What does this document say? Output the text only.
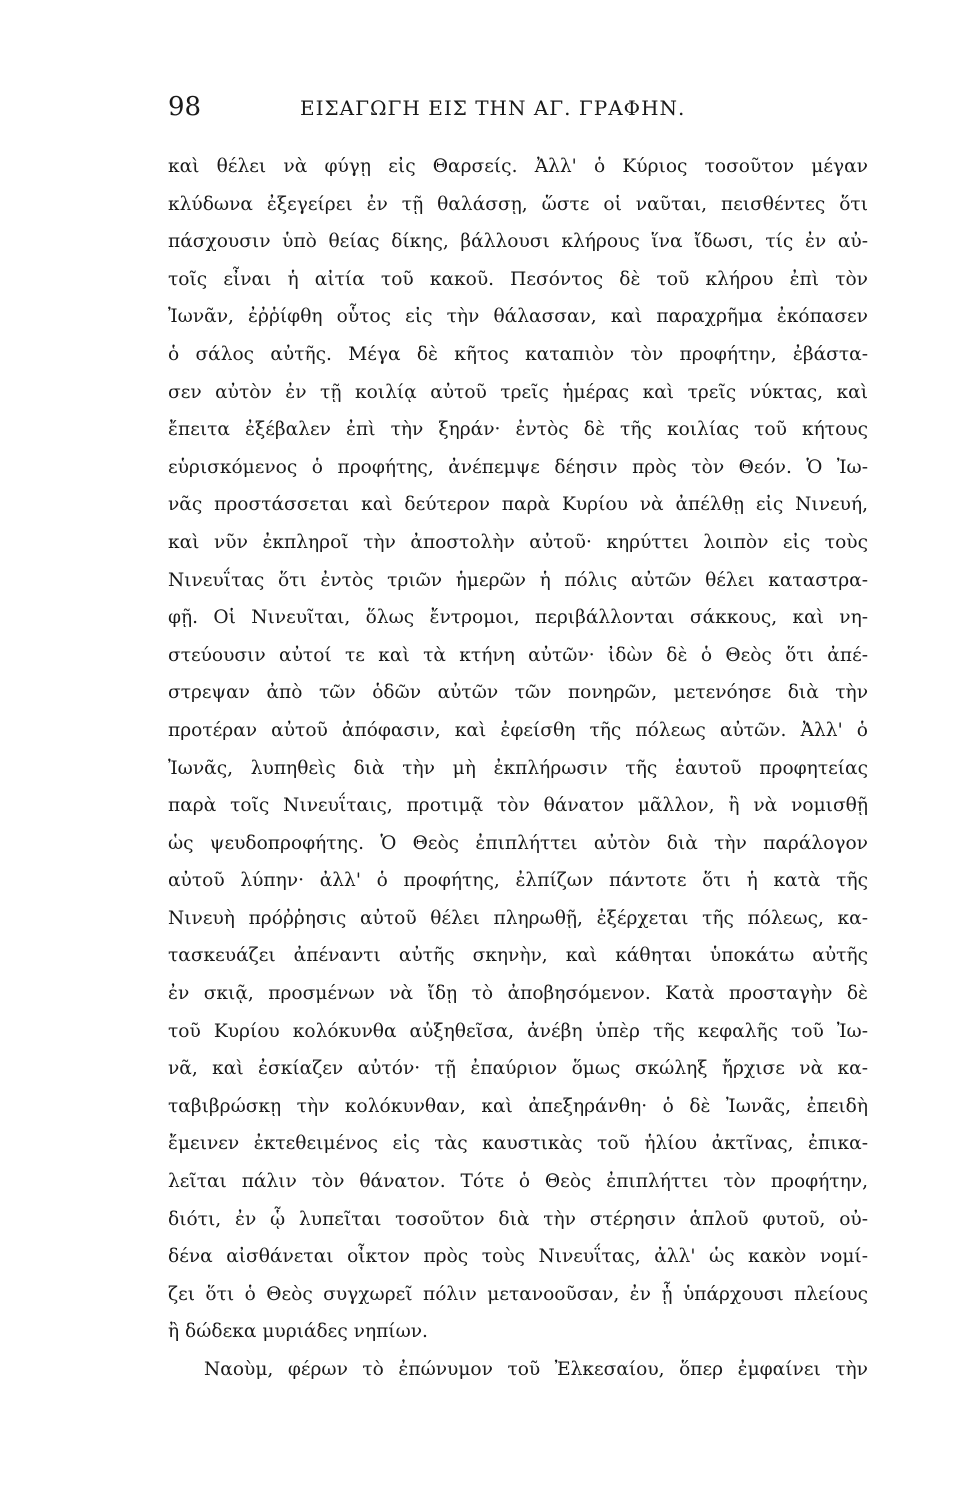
98	ΕΙΣΑΓΩΓΗ ΕΙΣ ΤΗΝ ΑΓ. ΓΡΑΦΗΝ.
καὶ θέλει νὰ φύγῃ εἰς Θαρσείς. Ἀλλ' ὁ Κύριος τοσοῦτον μέγαν
κλύδωνα ἐξεγείρει ἐν τῇ θαλάσσῃ, ὥστε οἱ ναῦται, πεισθέντες ὅτι
πάσχουσιν ὑπὸ θείας δίκης, βάλλουσι κλήρους ἵνα ἴδωσι, τίς ἐν αὐ-
τοῖς εἶναι ἡ αἰτία τοῦ κακοῦ. Πεσόντος δὲ τοῦ κλήρου ἐπὶ τὸν
Ἰωνᾶν, ἐῤῥίφθη οὗτος εἰς τὴν θάλασσαν, καὶ παραχρῆμα ἐκόπασεν
ὁ σάλος αὐτῆς. Μέγα δὲ κῆτος καταπιὸν τὸν προφήτην, ἐβάστα-
σεν αὐτὸν ἐν τῇ κοιλίᾳ αὐτοῦ τρεῖς ἡμέρας καὶ τρεῖς νύκτας, καὶ
ἔπειτα ἐξέβαλεν ἐπὶ τὴν ξηράν· ἐντὸς δὲ τῆς κοιλίας τοῦ κήτους
εὑρισκόμενος ὁ προφήτης, ἀνέπεμψε δέησιν πρὸς τὸν Θεόν. Ὁ Ἰω-
νᾶς προστάσσεται καὶ δεύτερον παρὰ Κυρίου νὰ ἀπέλθῃ εἰς Νινευή,
καὶ νῦν ἐκπληροῖ τὴν ἀποστολὴν αὐτοῦ· κηρύττει λοιπὸν εἰς τοὺς
Νινευΐτας ὅτι ἐντὸς τριῶν ἡμερῶν ἡ πόλις αὐτῶν θέλει καταστρα-
φῇ. Οἱ Νινευῖται, ὅλως ἔντρομοι, περιβάλλονται σάκκους, καὶ νη-
στεύουσιν αὐτοί τε καὶ τὰ κτήνη αὐτῶν· ἰδὼν δὲ ὁ Θεὸς ὅτι ἀπέ-
στρεψαν ἀπὸ τῶν ὁδῶν αὐτῶν τῶν πονηρῶν, μετενόησε διὰ τὴν
προτέραν αὐτοῦ ἀπόφασιν, καὶ ἐφείσθη τῆς πόλεως αὐτῶν. Ἀλλ' ὁ
Ἰωνᾶς, λυπηθεὶς διὰ τὴν μὴ ἐκπλήρωσιν τῆς ἑαυτοῦ προφητείας
παρὰ τοῖς Νινευΐταις, προτιμᾷ τὸν θάνατον μᾶλλον, ἢ νὰ νομισθῇ
ὡς ψευδοπροφήτης. Ὁ Θεὸς ἐπιπλήττει αὐτὸν διὰ τὴν παράλογον
αὐτοῦ λύπην· ἀλλ' ὁ προφήτης, ἐλπίζων πάντοτε ὅτι ἡ κατὰ τῆς
Νινευὴ πρόῤῥησις αὐτοῦ θέλει πληρωθῇ, ἐξέρχεται τῆς πόλεως, κα-
τασκευάζει ἀπέναντι αὐτῆς σκηνὴν, καὶ κάθηται ὑποκάτω αὐτῆς
ἐν σκιᾷ, προσμένων νὰ ἴδῃ τὸ ἀποβησόμενον. Κατὰ προσταγὴν δὲ
τοῦ Κυρίου κολόκυνθα αὐξηθεῖσα, ἀνέβη ὑπὲρ τῆς κεφαλῆς τοῦ Ἰω-
νᾶ, καὶ ἐσκίαζεν αὐτόν· τῇ ἐπαύριον ὅμως σκώληξ ἤρχισε νὰ κα-
ταβιβρώσκῃ τὴν κολόκυνθαν, καὶ ἀπεξηράνθη· ὁ δὲ Ἰωνᾶς, ἐπειδὴ
ἔμεινεν ἐκτεθειμένος εἰς τὰς καυστικὰς τοῦ ἡλίου ἀκτῖνας, ἐπικα-
λεῖται πάλιν τὸν θάνατον. Τότε ὁ Θεὸς ἐπιπλήττει τὸν προφήτην,
διότι, ἐν ᾧ λυπεῖται τοσοῦτον διὰ τὴν στέρησιν ἁπλοῦ φυτοῦ, οὐ-
δένα αἰσθάνεται οἶκτον πρὸς τοὺς Νινευΐτας, ἀλλ' ὡς κακὸν νομί-
ζει ὅτι ὁ Θεὸς συγχωρεῖ πόλιν μετανοοῦσαν, ἐν ᾗ ὑπάρχουσι πλείους
ἢ δώδεκα μυριάδες νηπίων.
Ναοὺμ, φέρων τὸ ἐπώνυμον τοῦ Ἐλκεσαίου, ὅπερ ἐμφαίνει τὴν
